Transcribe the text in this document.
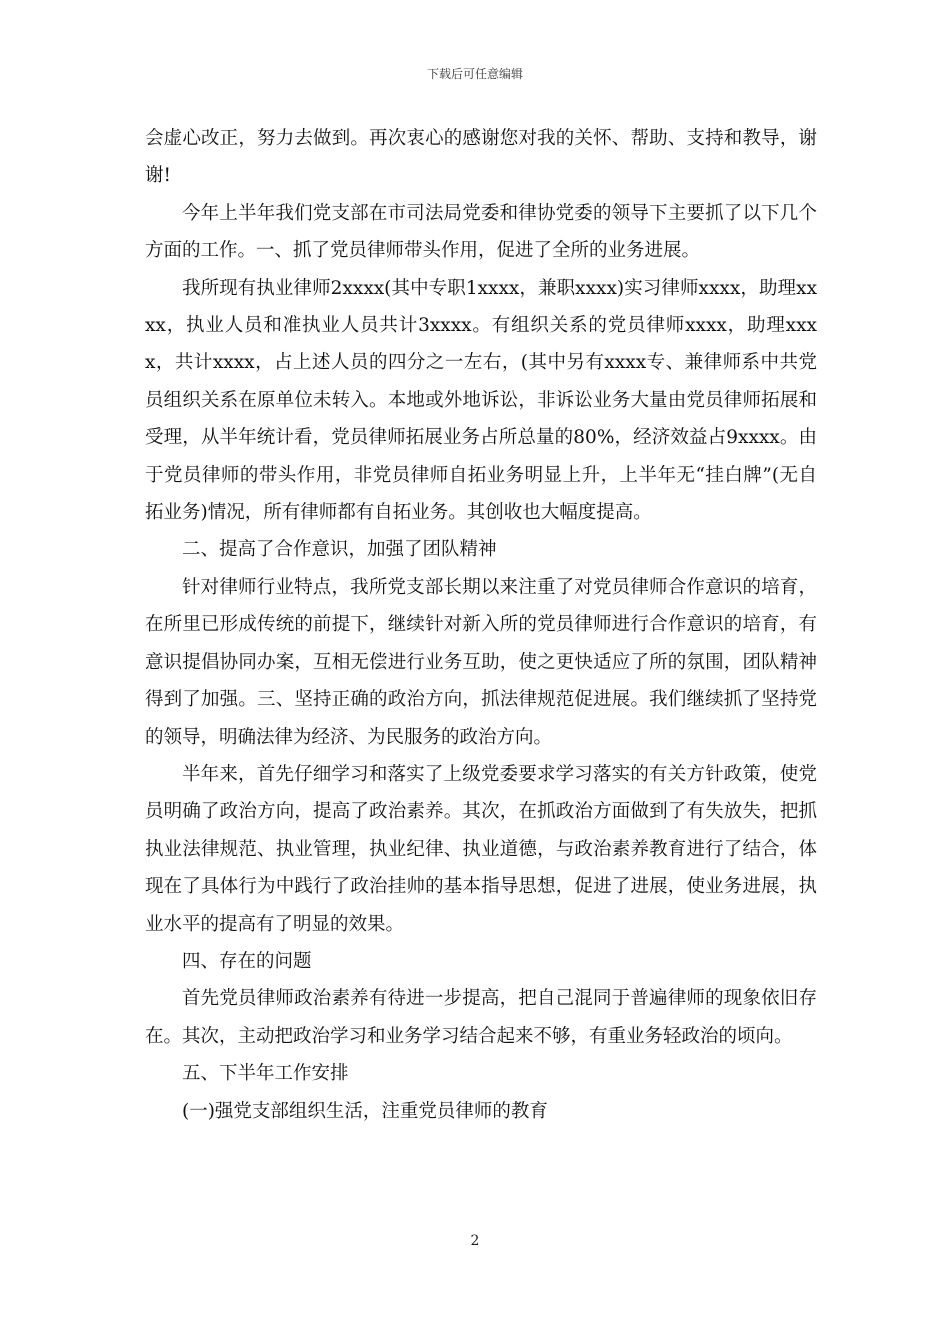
下载后可任意编辑

会虚心改正，努力去做到。再次衷心的感谢您对我的关怀、帮助、支持和教导，谢谢!

今年上半年我们党支部在市司法局党委和律协党委的领导下主要抓了以下几个方面的工作。一、抓了党员律师带头作用，促进了全所的业务进展。

我所现有执业律师2xxxx(其中专职1xxxx，兼职xxxx)实习律师xxxx，助理xxxx，执业人员和准执业人员共计3xxxx。有组织关系的党员律师xxxx，助理xxxx，共计xxxx，占上述人员的四分之一左右，(其中另有xxxx专、兼律师系中共党员组织关系在原单位未转入。本地或外地诉讼，非诉讼业务大量由党员律师拓展和受理，从半年统计看，党员律师拓展业务占所总量的80%，经济效益占9xxxx。由于党员律师的带头作用，非党员律师自拓业务明显上升，上半年无“挂白牌”(无自拓业务)情况，所有律师都有自拓业务。其创收也大幅度提高。

二、提高了合作意识，加强了团队精神

针对律师行业特点，我所党支部长期以来注重了对党员律师合作意识的培育，在所里已形成传统的前提下，继续针对新入所的党员律师进行合作意识的培育，有意识提倡协同办案，互相无偿进行业务互助，使之更快适应了所的氛围，团队精神得到了加强。三、坚持正确的政治方向，抓法律规范促进展。我们继续抓了坚持党的领导，明确法律为经济、为民服务的政治方向。

半年来，首先仔细学习和落实了上级党委要求学习落实的有关方针政策，使党员明确了政治方向，提高了政治素养。其次，在抓政治方面做到了有失放失，把抓执业法律规范、执业管理，执业纪律、执业道德，与政治素养教育进行了结合，体现在了具体行为中践行了政治挂帅的基本指导思想，促进了进展，使业务进展，执业水平的提高有了明显的效果。

四、存在的问题

首先党员律师政治素养有待进一步提高，把自己混同于普遍律师的现象依旧存在。其次，主动把政治学习和业务学习结合起来不够，有重业务轻政治的顷向。

五、下半年工作安排

(一)强党支部组织生活，注重党员律师的教育

2
